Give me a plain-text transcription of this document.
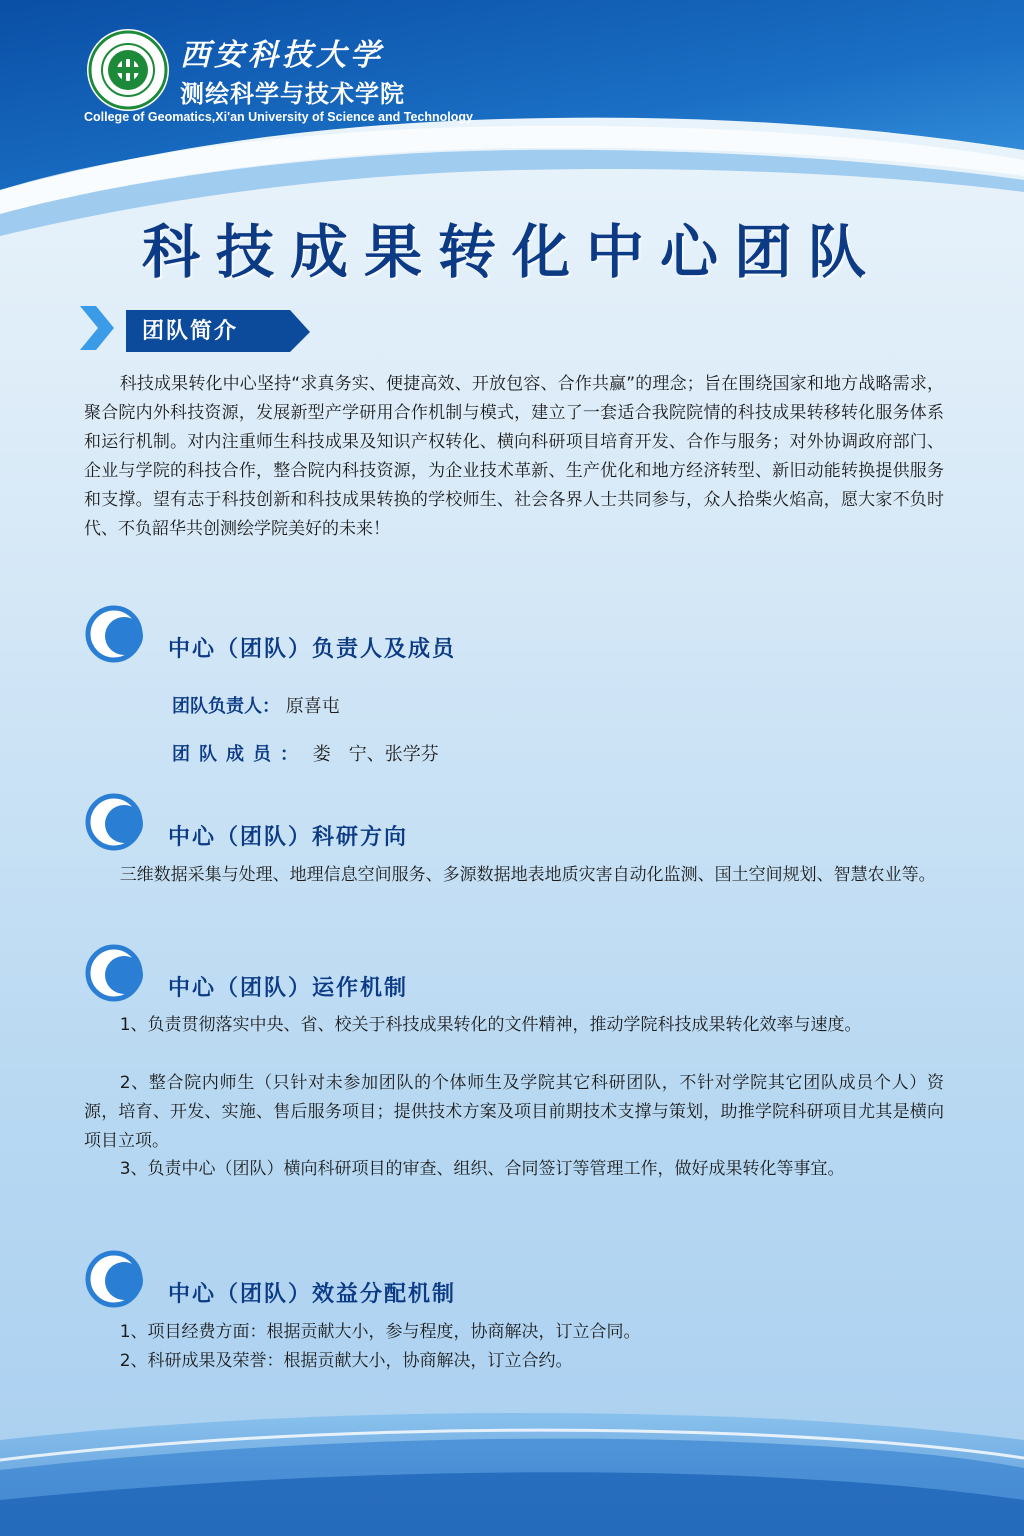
西安科技大学
测绘科学与技术学院
College of Geomatics,Xi'an University of Science and Technology
科技成果转化中心团队
团队简介
科技成果转化中心坚持“求真务实、便捷高效、开放包容、合作共赢”的理念；旨在围绕国家和地方战略需求，聚合院内外科技资源，发展新型产学研用合作机制与模式，建立了一套适合我院院情的科技成果转移转化服务体系和运行机制。对内注重师生科技成果及知识产权转化、横向科研项目培育开发、合作与服务；对外协调政府部门、企业与学院的科技合作，整合院内科技资源，为企业技术革新、生产优化和地方经济转型、新旧动能转换提供服务和支撑。望有志于科技创新和科技成果转换的学校师生、社会各界人士共同参与，众人拾柴火焰高，愿大家不负时代、不负韶华共创测绘学院美好的未来！
中心（团队）负责人及成员
团队负责人： 原喜屯
团队成员： 娄　宁、张学芬
中心（团队）科研方向
三维数据采集与处理、地理信息空间服务、多源数据地表地质灾害自动化监测、国土空间规划、智慧农业等。
中心（团队）运作机制
1、负责贯彻落实中央、省、校关于科技成果转化的文件精神，推动学院科技成果转化效率与速度。
2、整合院内师生（只针对未参加团队的个体师生及学院其它科研团队，不针对学院其它团队成员个人）资源，培育、开发、实施、售后服务项目；提供技术方案及项目前期技术支撑与策划，助推学院科研项目尤其是横向项目立项。
3、负责中心（团队）横向科研项目的审查、组织、合同签订等管理工作，做好成果转化等事宜。
中心（团队）效益分配机制
1、项目经费方面：根据贡献大小，参与程度，协商解决，订立合同。
2、科研成果及荣誉：根据贡献大小，协商解决，订立合约。
